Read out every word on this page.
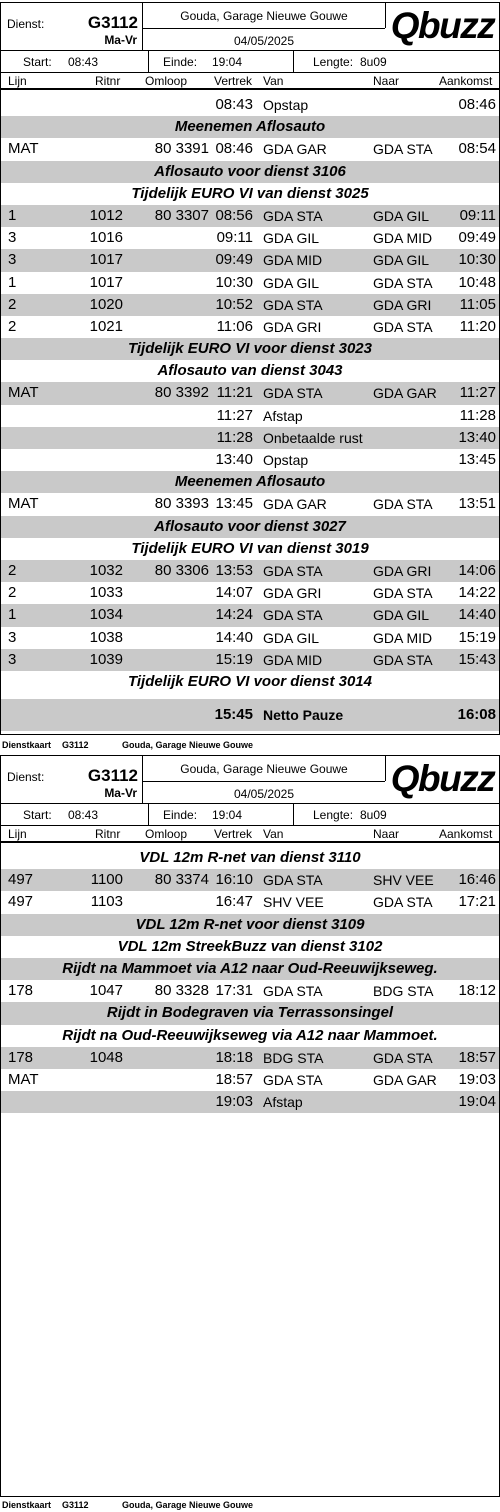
Dienst:	G3112
Ma-Vr
Gouda, Garage Nieuwe Gouwe
04/05/2025	Qbuzz
Start: 08:43	Einde: 19:04	Lengte: 8u09
Lijn	Ritnr Omloop Vertrek Van	Naar	Aankomst
08:43 Opstap	08:46
Meenemen Aflosauto
MAT	80 3391 08:46 GDA GAR	GDA STA 08:54
Aflosauto voor dienst 3106
Tijdelijk EURO VI van dienst 3025
1	1012 80 3307 08:56 GDA STA	GDA GIL 09:11
3	1016	09:11 GDA GIL	GDA MID 09:49
3	1017	09:49 GDA MID	GDA GIL 10:30
1	1017	10:30 GDA GIL	GDA STA 10:48
2	1020	10:52 GDA STA	GDA GRI 11:05
2	1021	11:06 GDA GRI	GDA STA 11:20
Tijdelijk EURO VI voor dienst 3023
Aflosauto van dienst 3043
MAT	80 3392 11:21 GDA STA	GDA GAR 11:27
11:27 Afstap	11:28
11:28 Onbetaalde rust	13:40
13:40 Opstap	13:45
Meenemen Aflosauto
MAT	80 3393 13:45 GDA GAR	GDA STA 13:51
Aflosauto voor dienst 3027
Tijdelijk EURO VI van dienst 3019
2	1032 80 3306 13:53 GDA STA	GDA GRI 14:06
2	1033	14:07 GDA GRI	GDA STA 14:22
1	1034	14:24 GDA STA	GDA GIL 14:40
3	1038	14:40 GDA GIL	GDA MID 15:19
3	1039	15:19 GDA MID	GDA STA 15:43
Tijdelijk EURO VI voor dienst 3014
15:45 Netto Pauze	16:08
Dienstkaart G3112	Gouda, Garage Nieuwe Gouwe
Dienst:	G3112
Ma-Vr
Gouda, Garage Nieuwe Gouwe
04/05/2025	Qbuzz
Start: 08:43	Einde: 19:04	Lengte: 8u09
Lijn	Ritnr Omloop Vertrek Van	Naar	Aankomst
VDL 12m R-net van dienst 3110
497	1100 80 3374 16:10 GDA STA	SHV VEE 16:46
497	1103	16:47 SHV VEE	GDA STA 17:21
VDL 12m R-net voor dienst 3109
VDL 12m StreekBuzz van dienst 3102
Rijdt na Mammoet via A12 naar Oud-Reeuwijkseweg.
178	1047 80 3328 17:31 GDA STA	BDG STA 18:12
Rijdt in Bodegraven via Terrassonsingel
Rijdt na Oud-Reeuwijkseweg via A12 naar Mammoet.
178	1048	18:18 BDG STA	GDA STA 18:57
MAT	18:57 GDA STA	GDA GAR 19:03
19:03 Afstap	19:04
Dienstkaart G3112	Gouda, Garage Nieuwe Gouwe
